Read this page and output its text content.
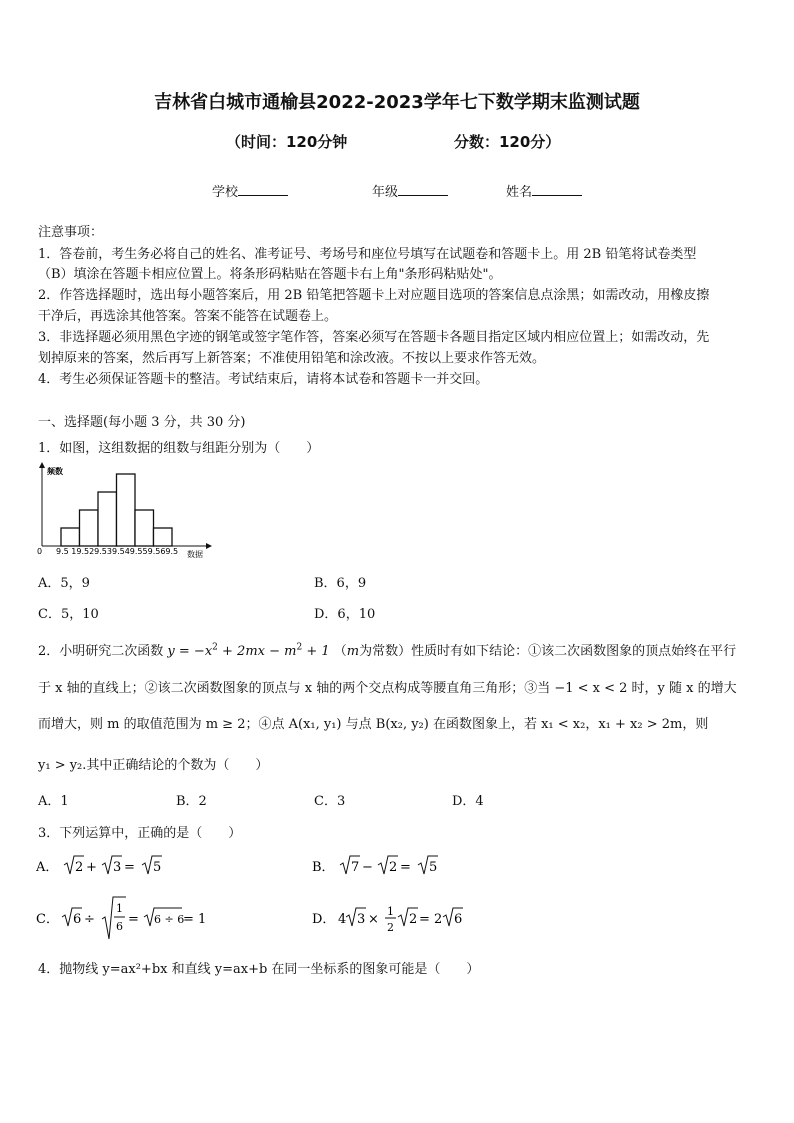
吉林省白城市通榆县2022-2023学年七下数学期末监测试题
（时间：120分钟	分数：120分）
学校	年级	姓名
注意事项：
1．答卷前，考生务必将自己的姓名、准考证号、考场号和座位号填写在试题卷和答题卡上。用 2B 铅笔将试卷类型
（B）填涂在答题卡相应位置上。将条形码粘贴在答题卡右上角"条形码粘贴处"。
2．作答选择题时，选出每小题答案后，用 2B 铅笔把答题卡上对应题目选项的答案信息点涂黑；如需改动，用橡皮擦
干净后，再选涂其他答案。答案不能答在试题卷上。
3．非选择题必须用黑色字迹的钢笔或签字笔作答，答案必须写在答题卡各题目指定区域内相应位置上；如需改动，先
划掉原来的答案，然后再写上新答案；不准使用铅笔和涂改液。不按以上要求作答无效。
4．考生必须保证答题卡的整洁。考试结束后，请将本试卷和答题卡一并交回。
一、选择题(每小题 3 分，共 30 分)
1．如图，这组数据的组数与组距分别为（　　）
频数
0 9.5 19.529.539.549.559.569.5 数据
A．5，9	B．6，9
C．5，10	D．6，10
2．小明研究二次函数 $y = -x^2 + 2mx - m^2 + 1$ （m为常数）性质时有如下结论：①该二次函数图象的顶点始终在平行
于 x 轴的直线上；②该二次函数图象的顶点与 x 轴的两个交点构成等腰直角三角形；③当 −1 < x < 2 时，y 随 x 的增大
而增大，则 m 的取值范围为 m ≥ 2；④点 A(x₁, y₁) 与点 B(x₂, y₂) 在函数图象上，若 x₁ < x₂，x₁ + x₂ > 2m，则
y₁ > y₂.其中正确结论的个数为（　　）
A．1	B．2	C．3	D．4
3．下列运算中，正确的是（　　）
A． 2 + 3 = 5	B． 7 − 2 = 5
C． 6 ÷
1
6 = 6 ÷ 6
= 1	D． 4 3 ×
1
2
2 = 2 6
4．抛物线 y=ax²+bx 和直线 y=ax+b 在同一坐标系的图象可能是（　　）
